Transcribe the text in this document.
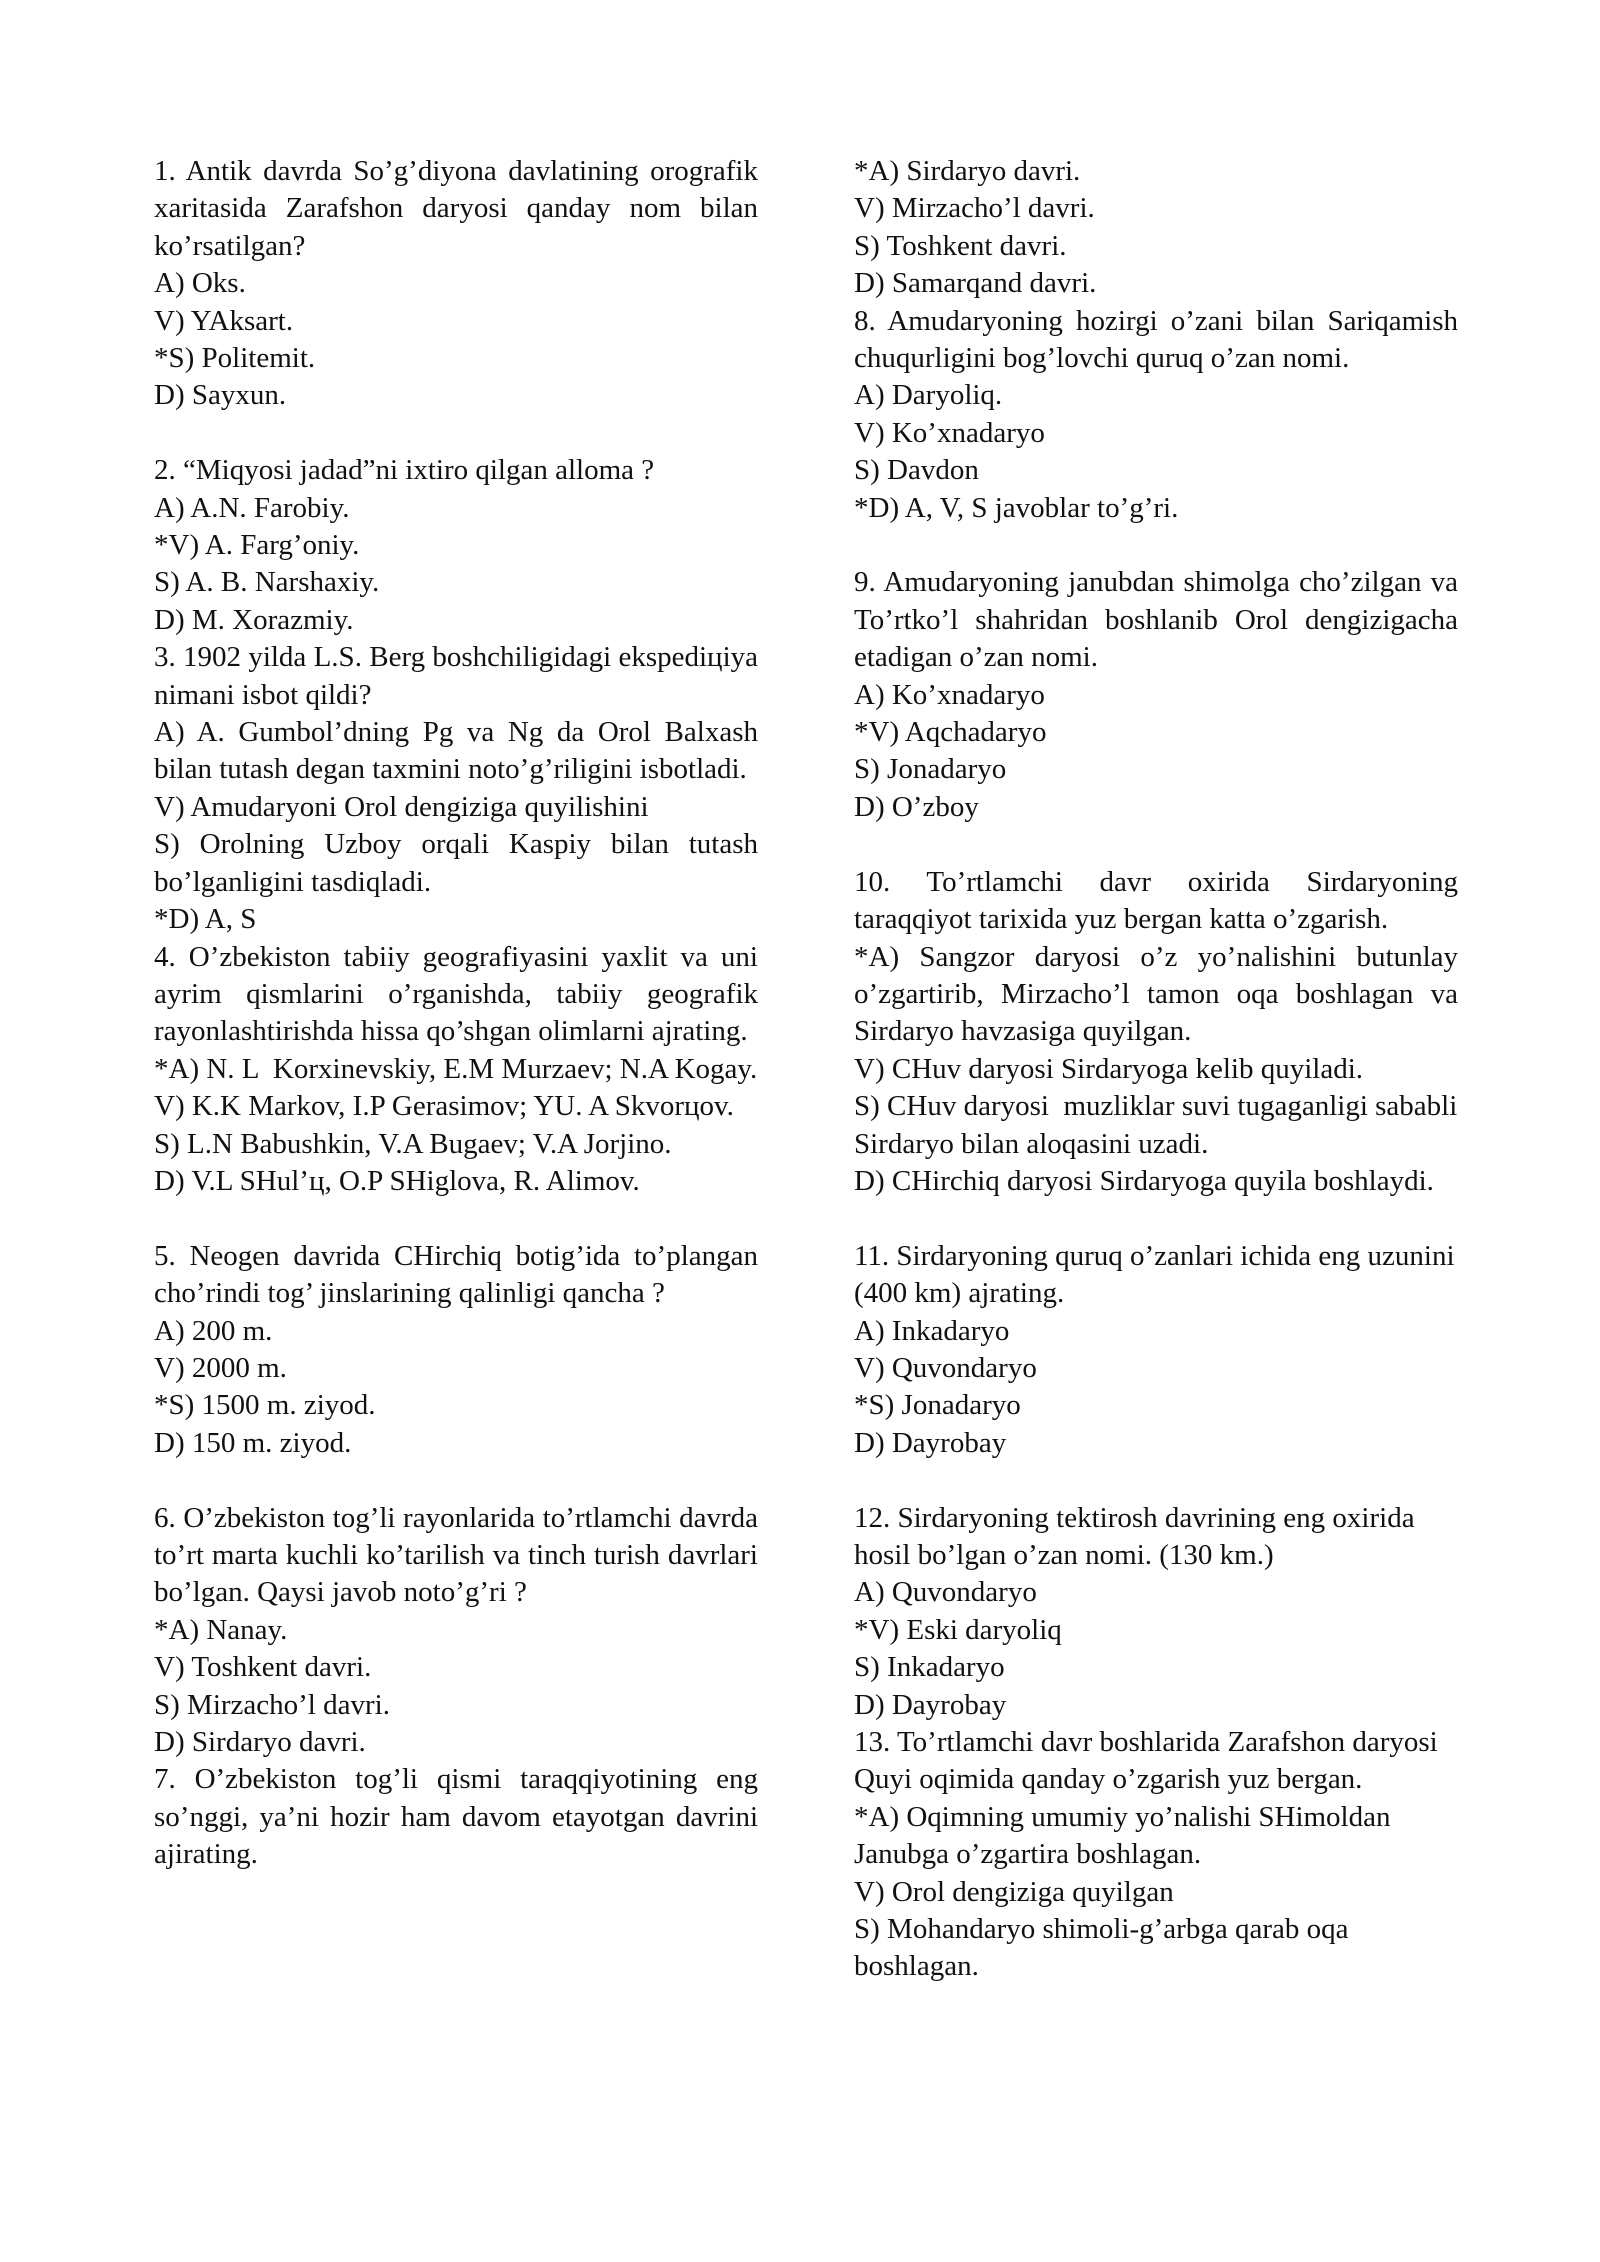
1. Antik davrda So’g’diyona davlatining orografik xaritasida Zarafshon daryosi qanday nom bilan ko’rsatilgan?
A) Oks.
V) YAksart.
*S) Politemit.
D) Sayxun.
2. “Miqyosi jadad”ni ixtiro qilgan alloma ?
A) A.N. Farobiy.
*V) A. Farg’oniy.
S) A. B. Narshaxiy.
D) M. Xorazmiy.
3. 1902 yilda L.S. Berg boshchiligidagi ekspediцiya nimani isbot qildi?
A) A. Gumbol’dning Pg va Ng da Orol Balxash bilan tutash degan taxmini noto’g’riligini isbotladi.
V) Amudaryoni Orol dengiziga quyilishini
S) Orolning Uzboy orqali Kaspiy bilan tutash bo’lganligini tasdiqladi.
*D) A, S
4. O’zbekiston tabiiy geografiyasini yaxlit va uni ayrim qismlarini o’rganishda, tabiiy geografik rayonlashtirishda hissa qo’shgan olimlarni ajrating.
*A) N. L  Korxinevskiy, E.M Murzaev; N.A Kogay.
V) K.K Markov, I.P Gerasimov; YU. A Skvorцov.
S) L.N Babushkin, V.A Bugaev; V.A Jorjino.
D) V.L SHul’ц, O.P SHiglova, R. Alimov.
5. Neogen davrida CHirchiq botig’ida to’plangan cho’rindi tog’ jinslarining qalinligi qancha ?
A) 200 m.
V) 2000 m.
*S) 1500 m. ziyod.
D) 150 m. ziyod.
6. O’zbekiston tog’li rayonlarida to’rtlamchi davrda to’rt marta kuchli ko’tarilish va tinch turish davrlari bo’lgan. Qaysi javob noto’g’ri ?
*A) Nanay.
V) Toshkent davri.
S) Mirzacho’l davri.
D) Sirdaryo davri.
7. O’zbekiston tog’li qismi taraqqiyotining eng so’nggi, ya’ni hozir ham davom etayotgan davrini ajirating.
*A) Sirdaryo davri.
V) Mirzacho’l davri.
S) Toshkent davri.
D) Samarqand davri.
8. Amudaryoning hozirgi o’zani bilan Sariqamish chuqurligini bog’lovchi quruq o’zan nomi.
A) Daryoliq.
V) Ko’xnadaryo
S) Davdon
*D) A, V, S javoblar to’g’ri.
9. Amudaryoning janubdan shimolga cho’zilgan va To’rtko’l shahridan boshlanib Orol dengizigacha etadigan o’zan nomi.
A) Ko’xnadaryo
*V) Aqchadaryo
S) Jonadaryo
D) O’zboy
10. To’rtlamchi davr oxirida Sirdaryoning taraqqiyot tarixida yuz bergan katta o’zgarish.
*A) Sangzor daryosi o’z yo’nalishini butunlay o’zgartirib, Mirzacho’l tamon oqa boshlagan va Sirdaryo havzasiga quyilgan.
V) CHuv daryosi Sirdaryoga kelib quyiladi.
S) CHuv daryosi  muzliklar suvi tugaganligi sababli Sirdaryo bilan aloqasini uzadi.
D) CHirchiq daryosi Sirdaryoga quyila boshlaydi.
11. Sirdaryoning quruq o’zanlari ichida eng uzunini (400 km) ajrating.
A) Inkadaryo
V) Quvondaryo
*S) Jonadaryo
D) Dayrobay
12. Sirdaryoning tektirosh davrining eng oxirida hosil bo’lgan o’zan nomi. (130 km.)
A) Quvondaryo
*V) Eski daryoliq
S) Inkadaryo
D) Dayrobay
13. To’rtlamchi davr boshlarida Zarafshon daryosi Quyi oqimida qanday o’zgarish yuz bergan.
*A) Oqimning umumiy yo’nalishi SHimoldan Janubga o’zgartira boshlagan.
V) Orol dengiziga quyilgan
S) Mohandaryo shimoli-g’arbga qarab oqa boshlagan.
